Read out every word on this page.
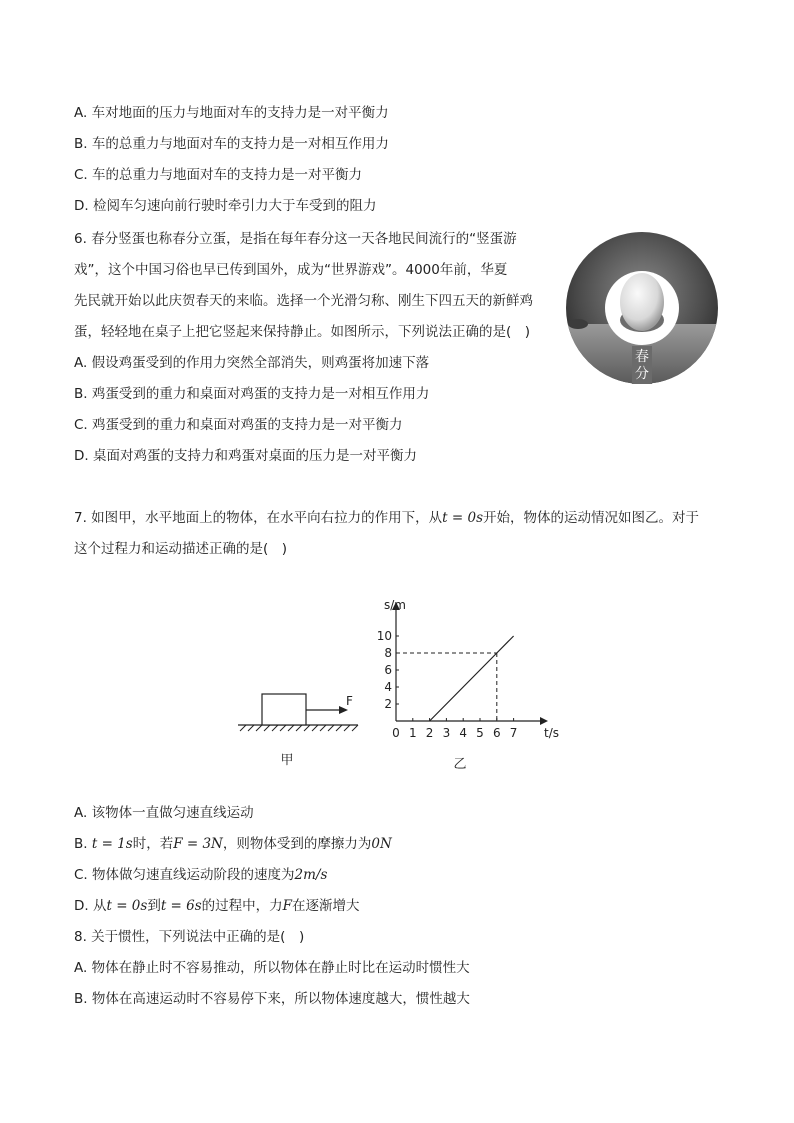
A. 车对地面的压力与地面对车的支持力是一对平衡力
B. 车的总重力与地面对车的支持力是一对相互作用力
C. 车的总重力与地面对车的支持力是一对平衡力
D. 检阅车匀速向前行驶时牵引力大于车受到的阻力
6. 春分竖蛋也称春分立蛋，是指在每年春分这一天各地民间流行的“竖蛋游
戏”，这个中国习俗也早已传到国外，成为“世界游戏”。4000年前，华夏
先民就开始以此庆贺春天的来临。选择一个光滑匀称、刚生下四五天的新鲜鸡
蛋，轻轻地在桌子上把它竖起来保持静止。如图所示，下列说法正确的是(　)
A. 假设鸡蛋受到的作用力突然全部消失，则鸡蛋将加速下落
B. 鸡蛋受到的重力和桌面对鸡蛋的支持力是一对相互作用力
C. 鸡蛋受到的重力和桌面对鸡蛋的支持力是一对平衡力
D. 桌面对鸡蛋的支持力和鸡蛋对桌面的压力是一对平衡力
春
分
7. 如图甲，水平地面上的物体，在水平向右拉力的作用下，从t = 0s开始，物体的运动情况如图乙。对于
这个过程力和运动描述正确的是(　)
F
甲
s/m
t/s
0 1 2 3 4 5 6 7
2
4
6
8
10
乙
A. 该物体一直做匀速直线运动
B. t = 1s时，若F = 3N，则物体受到的摩擦力为0N
C. 物体做匀速直线运动阶段的速度为2m/s
D. 从t = 0s到t = 6s的过程中，力F在逐渐增大
8. 关于惯性，下列说法中正确的是(　)
A. 物体在静止时不容易推动，所以物体在静止时比在运动时惯性大
B. 物体在高速运动时不容易停下来，所以物体速度越大，惯性越大
